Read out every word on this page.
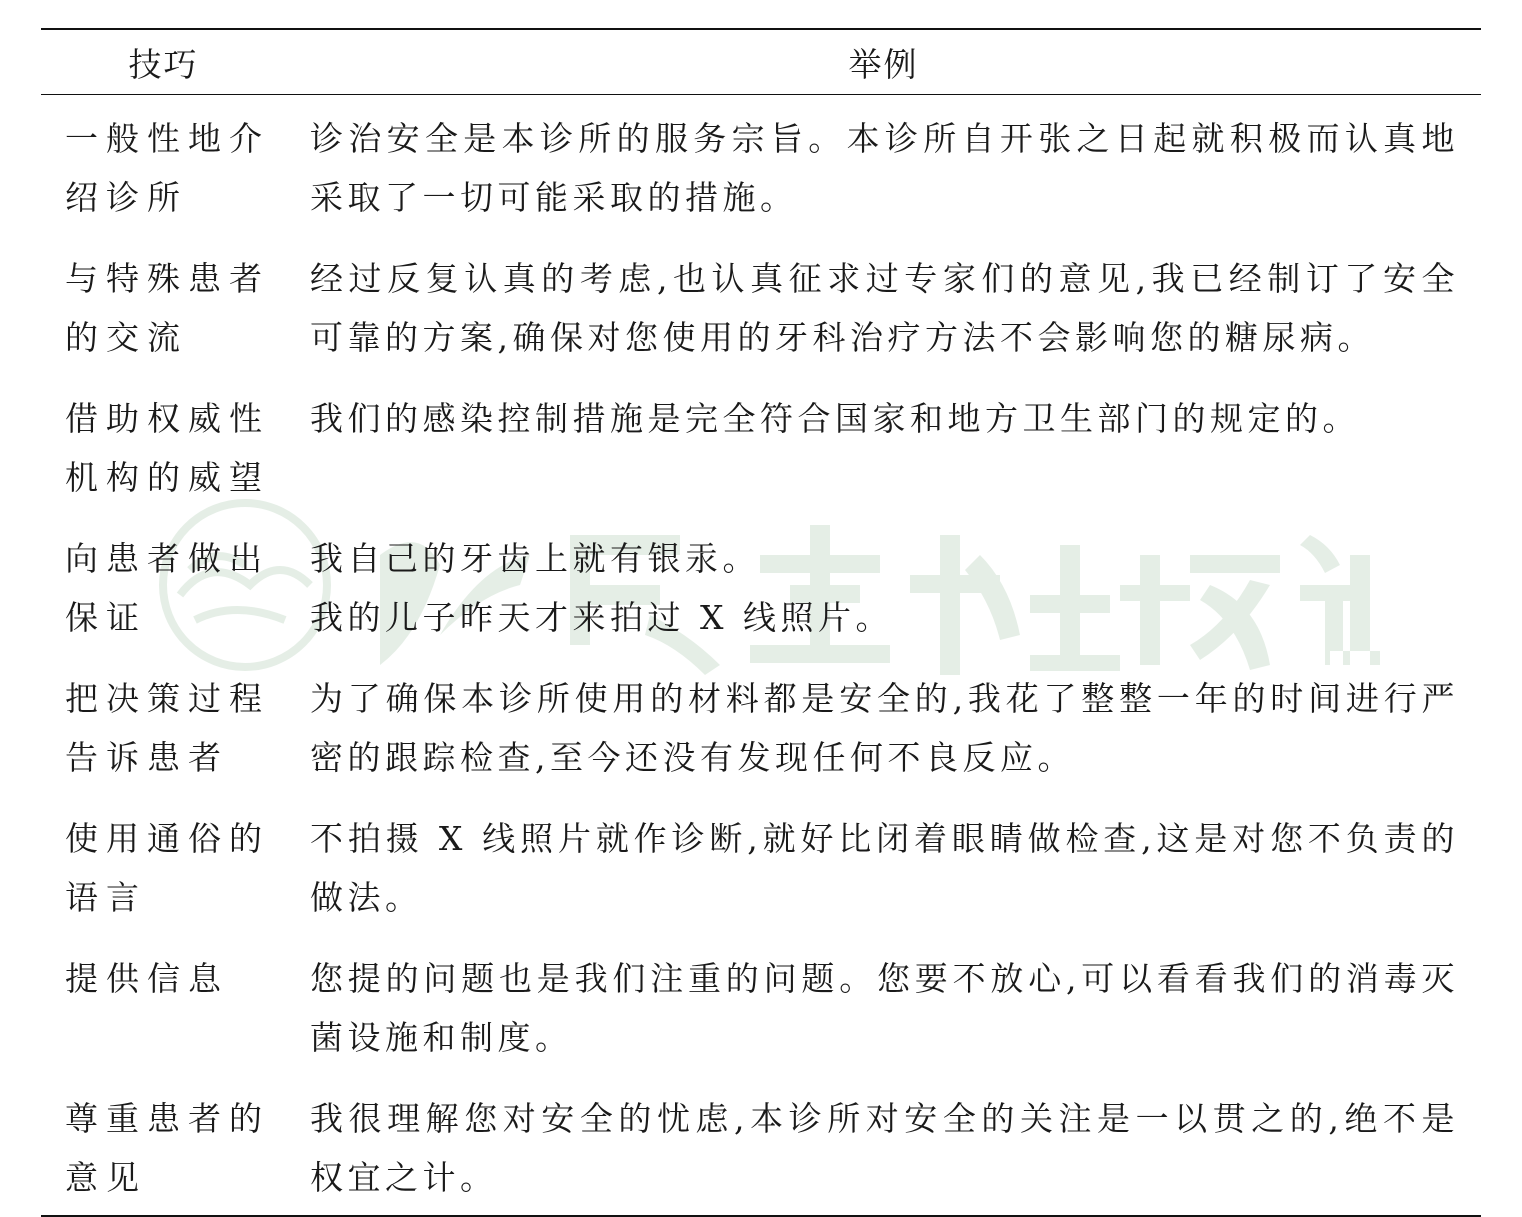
技巧	举例
一般性地介绍诊所	诊治安全是本诊所的服务宗旨。本诊所自开张之日起就积极而认真地采取了一切可能采取的措施。

与特殊患者的交流	经过反复认真的考虑,也认真征求过专家们的意见,我已经制订了安全可靠的方案,确保对您使用的牙科治疗方法不会影响您的糖尿病。

借助权威性机构的威望	我们的感染控制措施是完全符合国家和地方卫生部门的规定的。

向患者做出保证	我自己的牙齿上就有银汞。
我的儿子昨天才来拍过 X 线照片。

把决策过程告诉患者	为了确保本诊所使用的材料都是安全的,我花了整整一年的时间进行严密的跟踪检查,至今还没有发现任何不良反应。

使用通俗的语言	不拍摄 X 线照片就作诊断,就好比闭着眼睛做检查,这是对您不负责的做法。

提供信息	您提的问题也是我们注重的问题。您要不放心,可以看看我们的消毒灭菌设施和制度。

尊重患者的意见	我很理解您对安全的忧虑,本诊所对安全的关注是一以贯之的,绝不是权宜之计。
